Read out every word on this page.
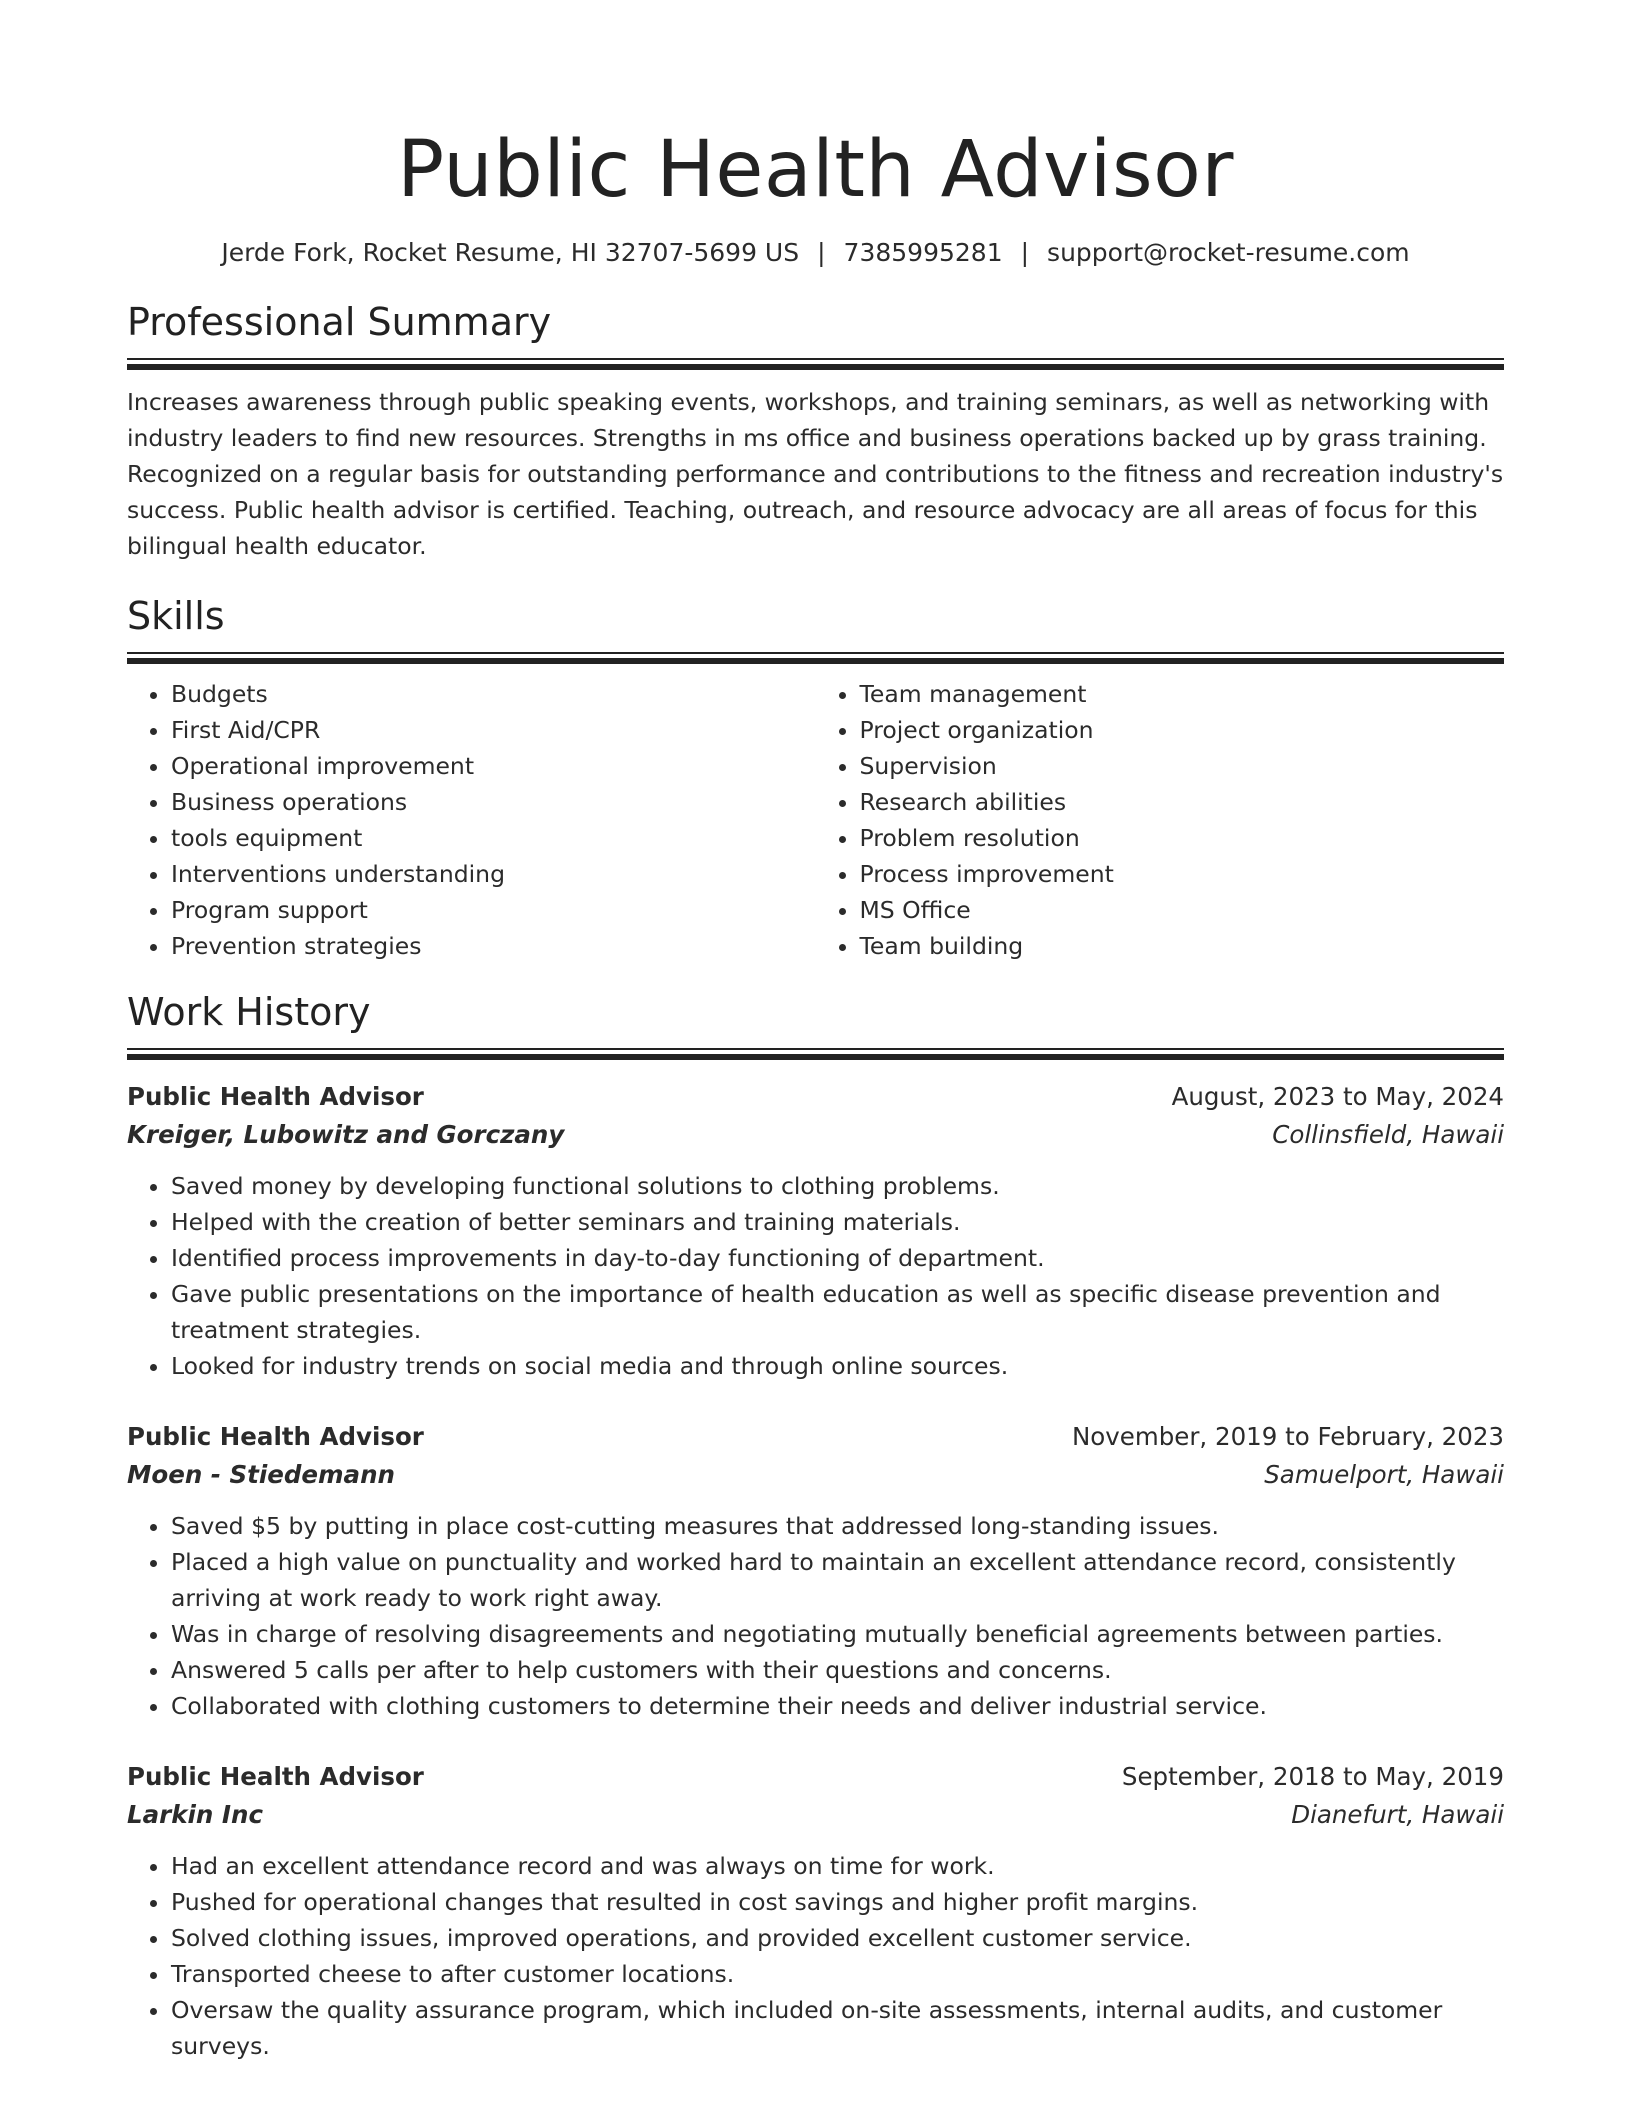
Public Health Advisor
Jerde Fork, Rocket Resume, HI 32707-5699 US | 7385995281 | support@rocket-resume.com
Professional Summary

Increases awareness through public speaking events, workshops, and training seminars, as well as networking with industry leaders to find new resources. Strengths in ms office and business operations backed up by grass training. Recognized on a regular basis for outstanding performance and contributions to the fitness and recreation industry's success. Public health advisor is certified. Teaching, outreach, and resource advocacy are all areas of focus for this bilingual health educator.

Skills
• Budgets
• First Aid/CPR
• Operational improvement
• Business operations
• tools equipment
• Interventions understanding
• Program support
• Prevention strategies
• Team management
• Project organization
• Supervision
• Research abilities
• Problem resolution
• Process improvement
• MS Office
• Team building
Work History
Public Health Advisor	August, 2023 to May, 2024
Kreiger, Lubowitz and Gorczany	Collinsfield, Hawaii
• Saved money by developing functional solutions to clothing problems.
• Helped with the creation of better seminars and training materials.
• Identified process improvements in day-to-day functioning of department.
• Gave public presentations on the importance of health education as well as specific disease prevention and treatment strategies.
• Looked for industry trends on social media and through online sources.
Public Health Advisor	November, 2019 to February, 2023
Moen - Stiedemann	Samuelport, Hawaii
• Saved $5 by putting in place cost-cutting measures that addressed long-standing issues.
• Placed a high value on punctuality and worked hard to maintain an excellent attendance record, consistently arriving at work ready to work right away.
• Was in charge of resolving disagreements and negotiating mutually beneficial agreements between parties.
• Answered 5 calls per after to help customers with their questions and concerns.
• Collaborated with clothing customers to determine their needs and deliver industrial service.
Public Health Advisor	September, 2018 to May, 2019
Larkin Inc	Dianefurt, Hawaii
• Had an excellent attendance record and was always on time for work.
• Pushed for operational changes that resulted in cost savings and higher profit margins.
• Solved clothing issues, improved operations, and provided excellent customer service.
• Transported cheese to after customer locations.
• Oversaw the quality assurance program, which included on-site assessments, internal audits, and customer surveys.
